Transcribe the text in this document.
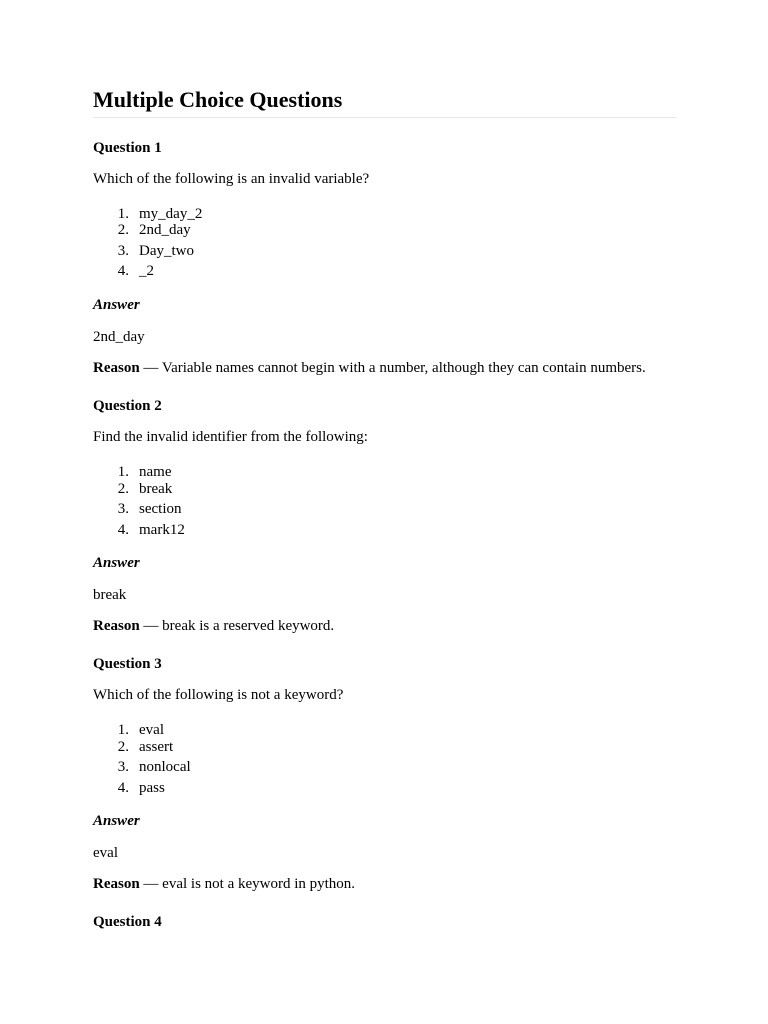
Multiple Choice Questions
Question 1
Which of the following is an invalid variable?
1. my_day_2
2. 2nd_day
3. Day_two
4. _2
Answer
2nd_day
Reason — Variable names cannot begin with a number, although they can contain numbers.
Question 2
Find the invalid identifier from the following:
1. name
2. break
3. section
4. mark12
Answer
break
Reason — break is a reserved keyword.
Question 3
Which of the following is not a keyword?
1. eval
2. assert
3. nonlocal
4. pass
Answer
eval
Reason — eval is not a keyword in python.
Question 4
